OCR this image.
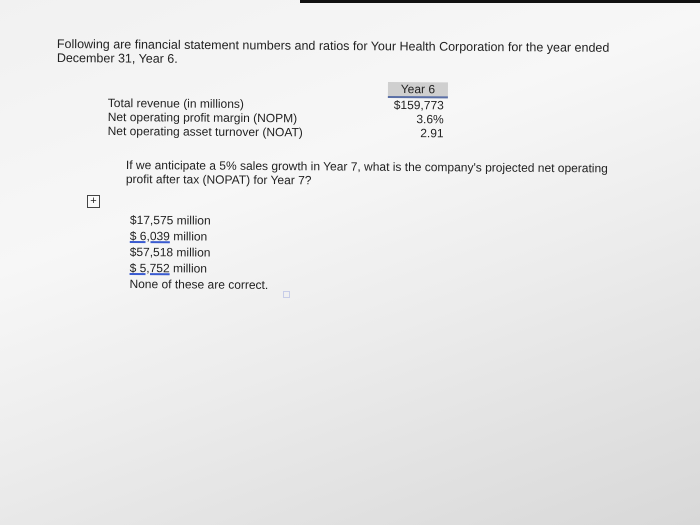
Following are financial statement numbers and ratios for Your Health Corporation for the year ended
December 31, Year 6.
Year 6
Total revenue (in millions)	$159,773
Net operating profit margin (NOPM)	3.6%
Net operating asset turnover (NOAT)	2.91
If we anticipate a 5% sales growth in Year 7, what is the company's projected net operating
profit after tax (NOPAT) for Year 7?
+
$17,575 million
$ 6,039 million
$57,518 million
$ 5,752 million
None of these are correct.
